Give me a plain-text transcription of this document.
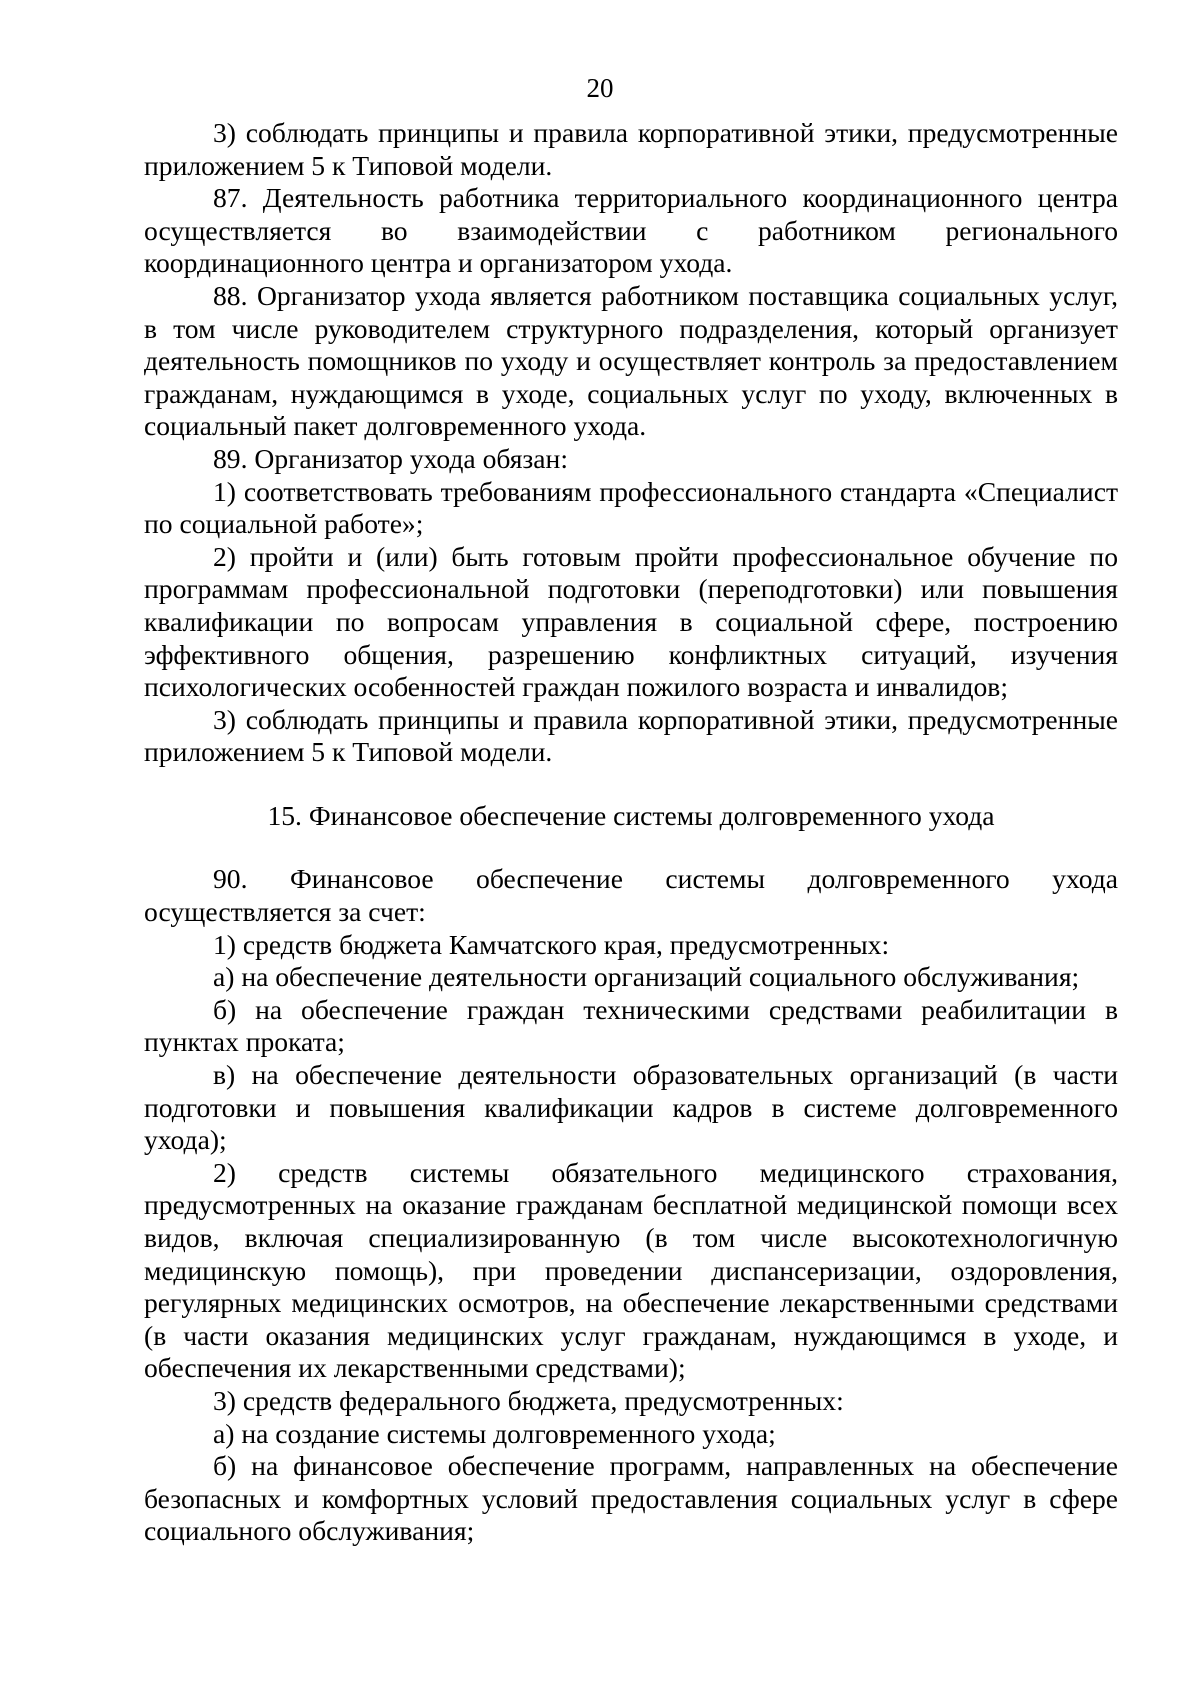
20

3) соблюдать принципы и правила корпоративной этики, предусмотренные приложением 5 к Типовой модели.

87. Деятельность работника территориального координационного центра осуществляется во взаимодействии с работником регионального координационного центра и организатором ухода.

88. Организатор ухода является работником поставщика социальных услуг, в том числе руководителем структурного подразделения, который организует деятельность помощников по уходу и осуществляет контроль за предоставлением гражданам, нуждающимся в уходе, социальных услуг по уходу, включенных в социальный пакет долговременного ухода.

89. Организатор ухода обязан:

1) соответствовать требованиям профессионального стандарта «Специалист по социальной работе»;

2) пройти и (или) быть готовым пройти профессиональное обучение по программам профессиональной подготовки (переподготовки) или повышения квалификации по вопросам управления в социальной сфере, построению эффективного общения, разрешению конфликтных ситуаций, изучения психологических особенностей граждан пожилого возраста и инвалидов;

3) соблюдать принципы и правила корпоративной этики, предусмотренные приложением 5 к Типовой модели.

15. Финансовое обеспечение системы долговременного ухода

90. Финансовое обеспечение системы долговременного ухода осуществляется за счет:

1) средств бюджета Камчатского края, предусмотренных:

а) на обеспечение деятельности организаций социального обслуживания;

б) на обеспечение граждан техническими средствами реабилитации в пунктах проката;

в) на обеспечение деятельности образовательных организаций (в части подготовки и повышения квалификации кадров в системе долговременного ухода);

2) средств системы обязательного медицинского страхования, предусмотренных на оказание гражданам бесплатной медицинской помощи всех видов, включая специализированную (в том числе высокотехнологичную медицинскую помощь), при проведении диспансеризации, оздоровления, регулярных медицинских осмотров, на обеспечение лекарственными средствами (в части оказания медицинских услуг гражданам, нуждающимся в уходе, и обеспечения их лекарственными средствами);

3) средств федерального бюджета, предусмотренных:

а) на создание системы долговременного ухода;

б) на финансовое обеспечение программ, направленных на обеспечение безопасных и комфортных условий предоставления социальных услуг в сфере социального обслуживания;
